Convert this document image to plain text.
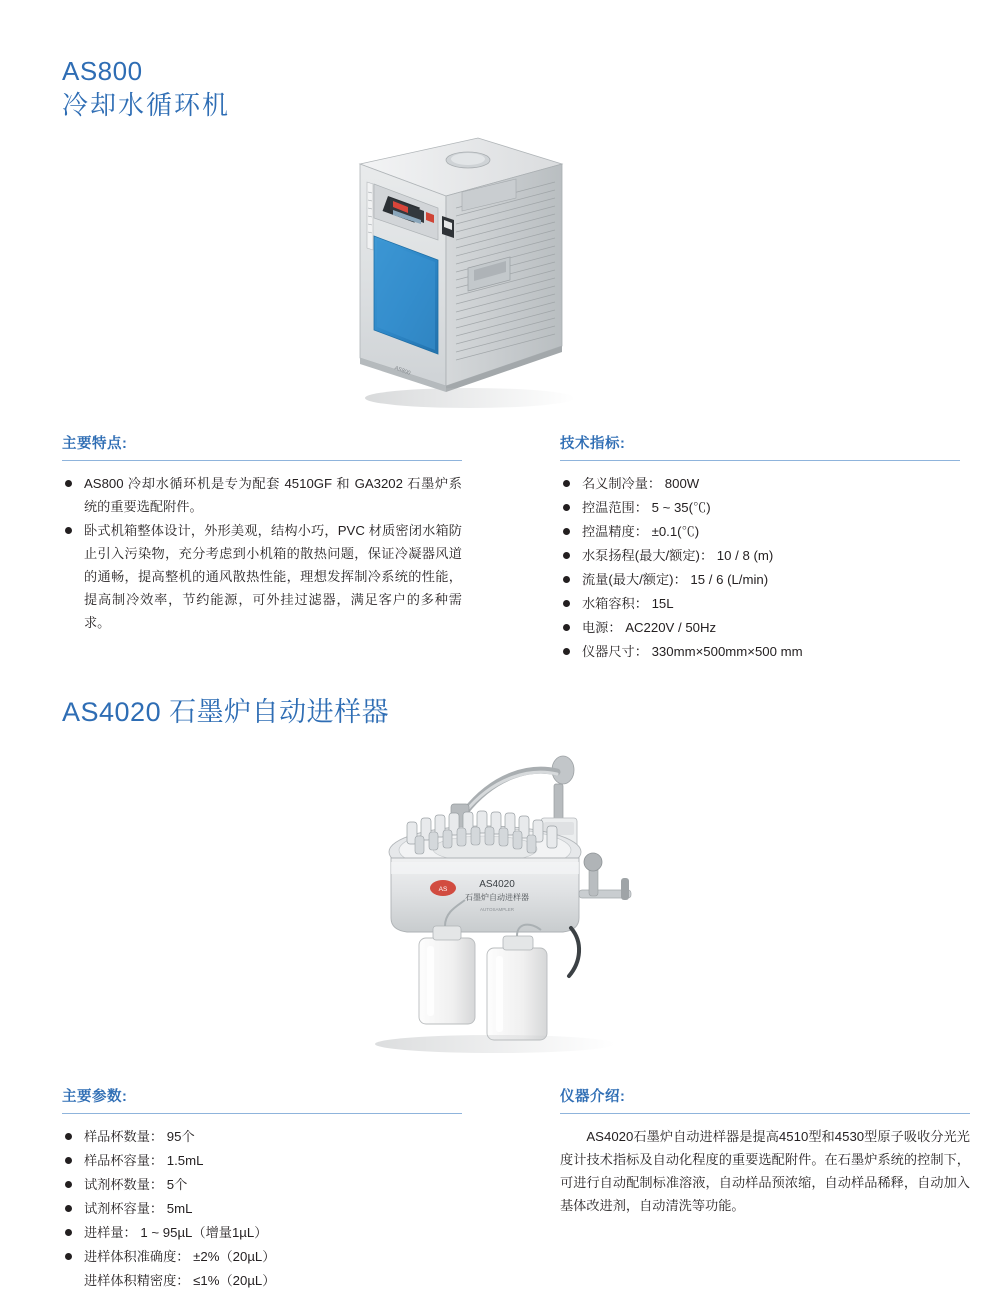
AS800
冷却水循环机
AS800
主要特点:
AS800 冷却水循环机是专为配套 4510GF 和 GA3202 石墨炉系统的重要选配附件。
卧式机箱整体设计，外形美观，结构小巧，PVC 材质密闭水箱防止引入污染物，充分考虑到小机箱的散热问题，保证冷凝器风道的通畅，提高整机的通风散热性能，理想发挥制冷系统的性能，提高制冷效率，节约能源，可外挂过滤器，满足客户的多种需求。
技术指标:
名义制冷量： 800W
控温范围： 5 ~ 35(℃)
控温精度： ±0.1(℃)
水泵扬程(最大/额定)： 10 / 8 (m)
流量(最大/额定)： 15 / 6 (L/min)
水箱容积： 15L
电源： AC220V / 50Hz
仪器尺寸： 330mm×500mm×500 mm
AS4020 石墨炉自动进样器
AS	AS4020
石墨炉自动进样器
AUTOSAMPLER
主要参数:
样品杯数量： 95个
样品杯容量： 1.5mL
试剂杯数量： 5个
试剂杯容量： 5mL
进样量： 1 ~ 95µL（增量1µL）
进样体积准确度： ±2%（20µL）
进样体积精密度： ≤1%（20µL）
仪器介绍:

AS4020石墨炉自动进样器是提高4510型和4530型原子吸收分光光度计技术指标及自动化程度的重要选配附件。在石墨炉系统的控制下，可进行自动配制标准溶液，自动样品预浓缩，自动样品稀释，自动加入基体改进剂，自动清洗等功能。
